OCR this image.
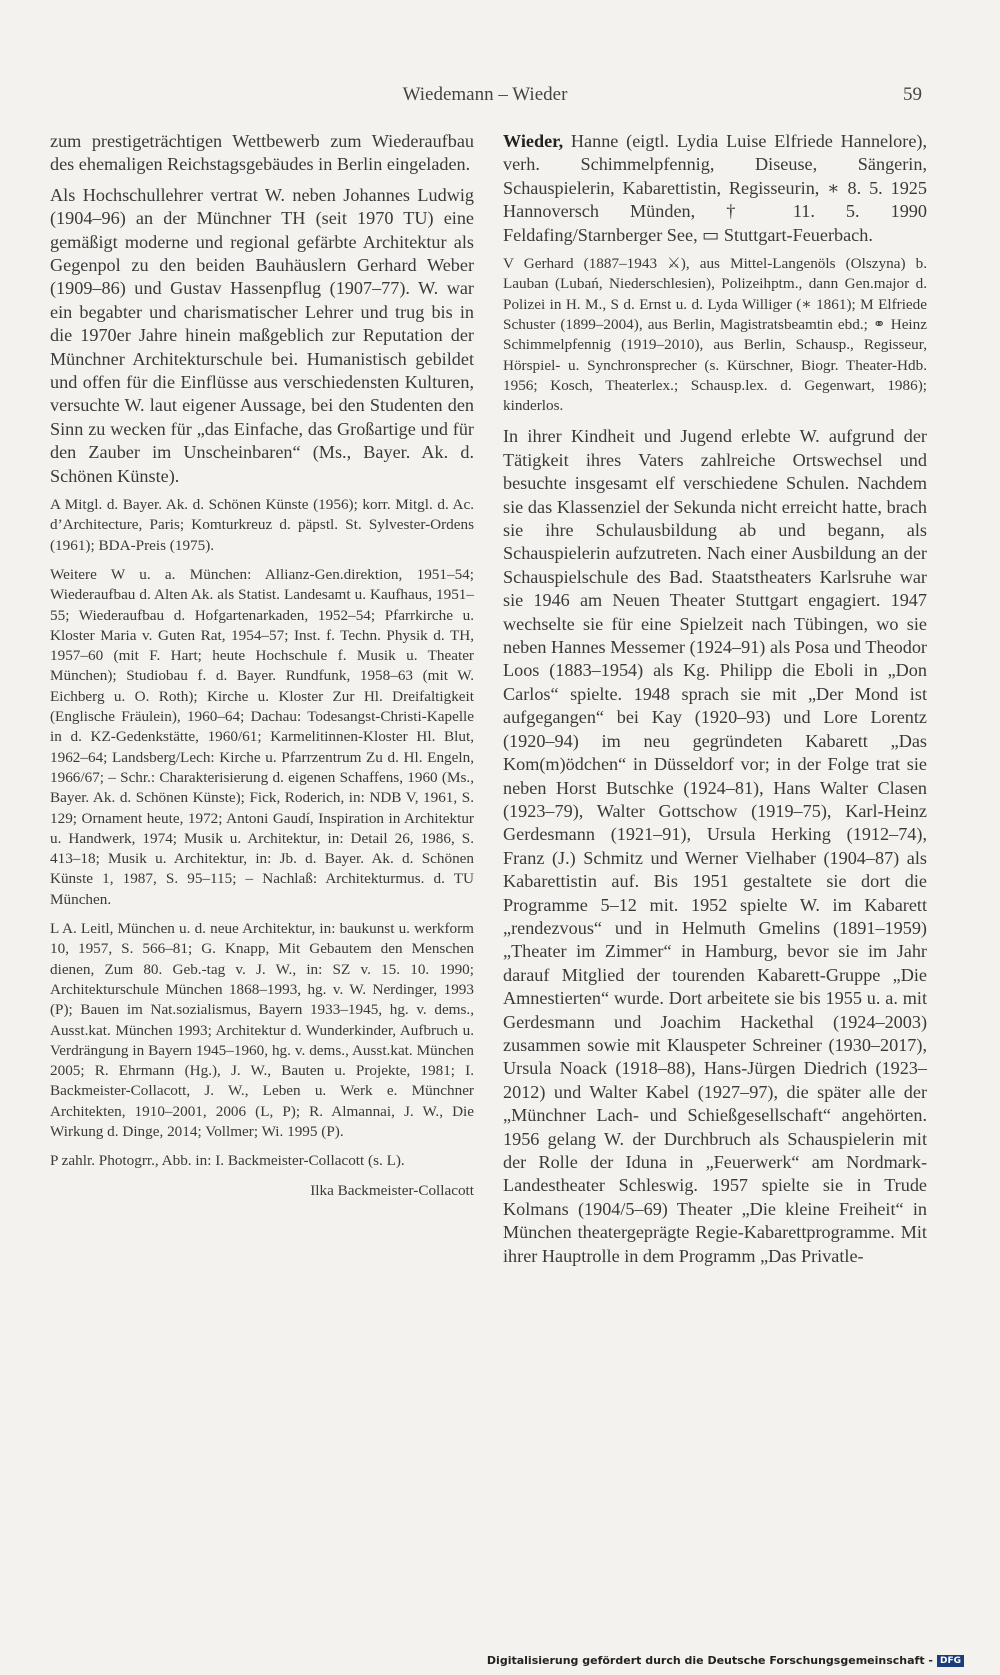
Wiedemann – Wieder	59

zum prestigeträchtigen Wettbewerb zum Wiederaufbau des ehemaligen Reichstagsgebäudes in Berlin eingeladen.

Als Hochschullehrer vertrat W. neben Johannes Ludwig (1904–96) an der Münchner TH (seit 1970 TU) eine gemäßigt moderne und regional gefärbte Architektur als Gegenpol zu den beiden Bauhäuslern Gerhard Weber (1909–86) und Gustav Hassenpflug (1907–77). W. war ein begabter und charismatischer Lehrer und trug bis in die 1970er Jahre hinein maßgeblich zur Reputation der Münchner Architekturschule bei. Humanistisch gebildet und offen für die Einflüsse aus verschiedensten Kulturen, versuchte W. laut eigener Aussage, bei den Studenten den Sinn zu wecken für „das Einfache, das Großartige und für den Zauber im Unscheinbaren“ (Ms., Bayer. Ak. d. Schönen Künste).

A Mitgl. d. Bayer. Ak. d. Schönen Künste (1956); korr. Mitgl. d. Ac. d’Architecture, Paris; Komturkreuz d. päpstl. St. Sylvester-Ordens (1961); BDA-Preis (1975).

Weitere W u. a. München: Allianz-Gen.direktion, 1951–54; Wiederaufbau d. Alten Ak. als Statist. Landesamt u. Kaufhaus, 1951–55; Wiederaufbau d. Hofgartenarkaden, 1952–54; Pfarrkirche u. Kloster Maria v. Guten Rat, 1954–57; Inst. f. Techn. Physik d. TH, 1957–60 (mit F. Hart; heute Hochschule f. Musik u. Theater München); Studiobau f. d. Bayer. Rundfunk, 1958–63 (mit W. Eichberg u. O. Roth); Kirche u. Kloster Zur Hl. Dreifaltigkeit (Englische Fräulein), 1960–64; Dachau: Todesangst-Christi-Kapelle in d. KZ-Gedenkstätte, 1960/61; Karmelitinnen-Kloster Hl. Blut, 1962–64; Landsberg/Lech: Kirche u. Pfarrzentrum Zu d. Hl. Engeln, 1966/67; – Schr.: Charakterisierung d. eigenen Schaffens, 1960 (Ms., Bayer. Ak. d. Schönen Künste); Fick, Roderich, in: NDB V, 1961, S. 129; Ornament heute, 1972; Antoni Gaudí, Inspiration in Architektur u. Handwerk, 1974; Musik u. Architektur, in: Detail 26, 1986, S. 413–18; Musik u. Architektur, in: Jb. d. Bayer. Ak. d. Schönen Künste 1, 1987, S. 95–115; – Nachlaß: Architekturmus. d. TU München.

L A. Leitl, München u. d. neue Architektur, in: baukunst u. werkform 10, 1957, S. 566–81; G. Knapp, Mit Gebautem den Menschen dienen, Zum 80. Geb.-tag v. J. W., in: SZ v. 15. 10. 1990; Architekturschule München 1868–1993, hg. v. W. Nerdinger, 1993 (P); Bauen im Nat.sozialismus, Bayern 1933–1945, hg. v. dems., Ausst.kat. München 1993; Architektur d. Wunderkinder, Aufbruch u. Verdrängung in Bayern 1945–1960, hg. v. dems., Ausst.kat. München 2005; R. Ehrmann (Hg.), J. W., Bauten u. Projekte, 1981; I. Backmeister-Collacott, J. W., Leben u. Werk e. Münchner Architekten, 1910–2001, 2006 (L, P); R. Almannai, J. W., Die Wirkung d. Dinge, 2014; Vollmer; Wi. 1995 (P).

P zahlr. Photogrr., Abb. in: I. Backmeister-Collacott (s. L).

Ilka Backmeister-Collacott

Wieder, Hanne (eigtl. Lydia Luise Elfriede Hannelore), verh. Schimmelpfennig, Diseuse, Sängerin, Schauspielerin, Kabarettistin, Regisseurin, ∗ 8. 5. 1925 Hannoversch Münden, † 11. 5. 1990 Feldafing/Starnberger See, ▭ Stuttgart-Feuerbach.

V Gerhard (1887–1943 ⚔), aus Mittel-Langenöls (Olszyna) b. Lauban (Lubań, Niederschlesien), Polizeihptm., dann Gen.major d. Polizei in H. M., S d. Ernst u. d. Lyda Williger (∗ 1861); M Elfriede Schuster (1899–2004), aus Berlin, Magistratsbeamtin ebd.; ⚭ Heinz Schimmelpfennig (1919–2010), aus Berlin, Schausp., Regisseur, Hörspiel- u. Synchronsprecher (s. Kürschner, Biogr. Theater-Hdb. 1956; Kosch, Theaterlex.; Schausp.lex. d. Gegenwart, 1986); kinderlos.

In ihrer Kindheit und Jugend erlebte W. aufgrund der Tätigkeit ihres Vaters zahlreiche Ortswechsel und besuchte insgesamt elf verschiedene Schulen. Nachdem sie das Klassenziel der Sekunda nicht erreicht hatte, brach sie ihre Schulausbildung ab und begann, als Schauspielerin aufzutreten. Nach einer Ausbildung an der Schauspielschule des Bad. Staatstheaters Karlsruhe war sie 1946 am Neuen Theater Stuttgart engagiert. 1947 wechselte sie für eine Spielzeit nach Tübingen, wo sie neben Hannes Messemer (1924–91) als Posa und Theodor Loos (1883–1954) als Kg. Philipp die Eboli in „Don Carlos“ spielte. 1948 sprach sie mit „Der Mond ist aufgegangen“ bei Kay (1920–93) und Lore Lorentz (1920–94) im neu gegründeten Kabarett „Das Kom(m)ödchen“ in Düsseldorf vor; in der Folge trat sie neben Horst Butschke (1924–81), Hans Walter Clasen (1923–79), Walter Gottschow (1919–75), Karl-Heinz Gerdesmann (1921–91), Ursula Herking (1912–74), Franz (J.) Schmitz und Werner Vielhaber (1904–87) als Kabarettistin auf. Bis 1951 gestaltete sie dort die Programme 5–12 mit. 1952 spielte W. im Kabarett „rendezvous“ und in Helmuth Gmelins (1891–1959) „Theater im Zimmer“ in Hamburg, bevor sie im Jahr darauf Mitglied der tourenden Kabarett-Gruppe „Die Amnestierten“ wurde. Dort arbeitete sie bis 1955 u. a. mit Gerdesmann und Joachim Hackethal (1924–2003) zusammen sowie mit Klauspeter Schreiner (1930–2017), Ursula Noack (1918–88), Hans-Jürgen Diedrich (1923–2012) und Walter Kabel (1927–97), die später alle der „Münchner Lach- und Schießgesellschaft“ angehörten. 1956 gelang W. der Durchbruch als Schauspielerin mit der Rolle der Iduna in „Feuerwerk“ am Nordmark-Landestheater Schleswig. 1957 spielte sie in Trude Kolmans (1904/5–69) Theater „Die kleine Freiheit“ in München theatergeprägte Regie-Kabarettprogramme. Mit ihrer Hauptrolle in dem Programm „Das Privatle-

Digitalisierung gefördert durch die Deutsche Forschungsgemeinschaft - DFG
